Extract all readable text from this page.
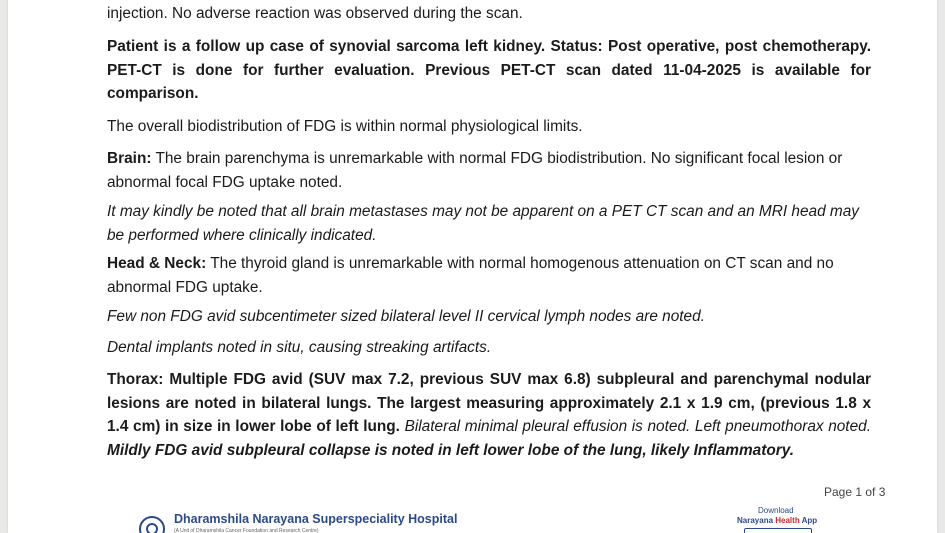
injection. No adverse reaction was observed during the scan.

Patient is a follow up case of synovial sarcoma left kidney. Status: Post operative, post chemotherapy. PET-CT is done for further evaluation. Previous PET-CT scan dated 11-04-2025 is available for comparison.

The overall biodistribution of FDG is within normal physiological limits.

Brain: The brain parenchyma is unremarkable with normal FDG biodistribution. No significant focal lesion or abnormal focal FDG uptake noted.

It may kindly be noted that all brain metastases may not be apparent on a PET CT scan and an MRI head may be performed where clinically indicated.

Head & Neck: The thyroid gland is unremarkable with normal homogenous attenuation on CT scan and no abnormal FDG uptake.

Few non FDG avid subcentimeter sized bilateral level II cervical lymph nodes are noted.

Dental implants noted in situ, causing streaking artifacts.

Thorax: Multiple FDG avid (SUV max 7.2, previous SUV max 6.8) subpleural and parenchymal nodular lesions are noted in bilateral lungs. The largest measuring approximately 2.1 x 1.9 cm, (previous 1.8 x 1.4 cm) in size in lower lobe of left lung. Bilateral minimal pleural effusion is noted. Left pneumothorax noted. Mildly FDG avid subpleural collapse is noted in left lower lobe of the lung, likely Inflammatory.

Page 1 of 3
Dharamshila Narayana Superspeciality Hospital
(A Unit of Dharamshila Cancer Foundation and Research Centre)
Download
Narayana Health App
